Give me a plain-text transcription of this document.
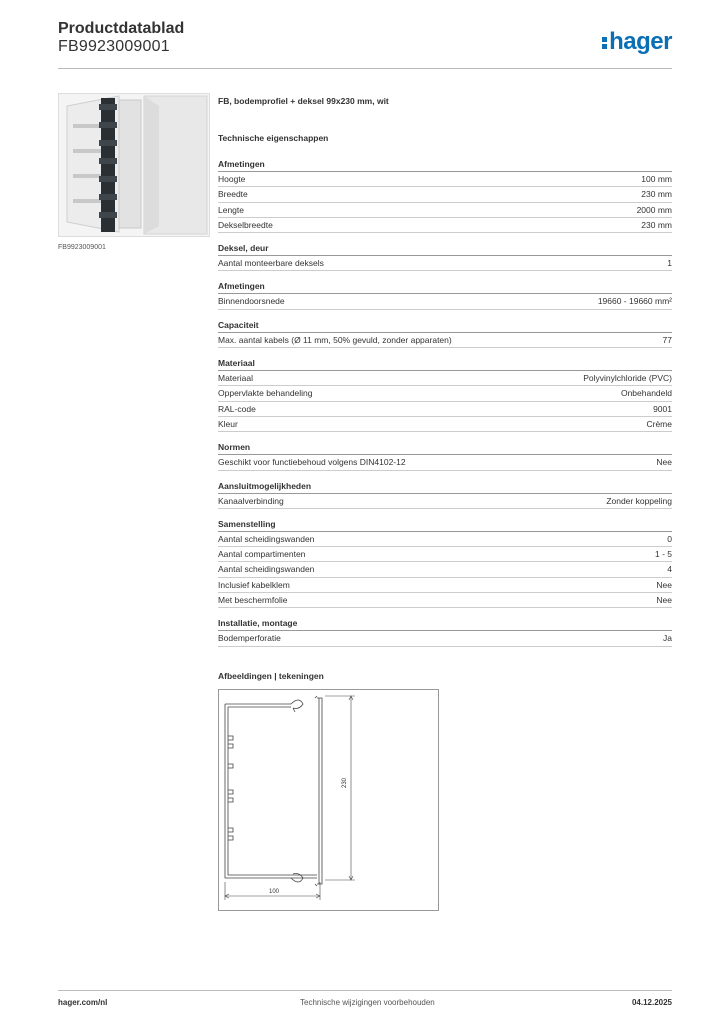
Productdatablad
FB9923009001	hager
FB9923009001
FB, bodemprofiel + deksel 99x230 mm, wit
Technische eigenschappen
Afmetingen
Hoogte	100 mm
Breedte	230 mm
Lengte	2000 mm
Dekselbreedte	230 mm
Deksel, deur
Aantal monteerbare deksels	1
Afmetingen
Binnendoorsnede	19660 - 19660 mm²
Capaciteit
Max. aantal kabels (Ø 11 mm, 50% gevuld, zonder apparaten)	77
Materiaal
Materiaal	Polyvinylchloride (PVC)
Oppervlakte behandeling	Onbehandeld
RAL-code	9001
Kleur	Crème
Normen
Geschikt voor functiebehoud volgens DIN4102-12	Nee
Aansluitmogelijkheden
Kanaalverbinding	Zonder koppeling
Samenstelling
Aantal scheidingswanden	0
Aantal compartimenten	1 - 5
Aantal scheidingswanden	4
Inclusief kabelklem	Nee
Met beschermfolie	Nee
Installatie, montage
Bodemperforatie	Ja
Afbeeldingen | tekeningen
230
100
hager.com/nl	Technische wijzigingen voorbehouden	04.12.2025
